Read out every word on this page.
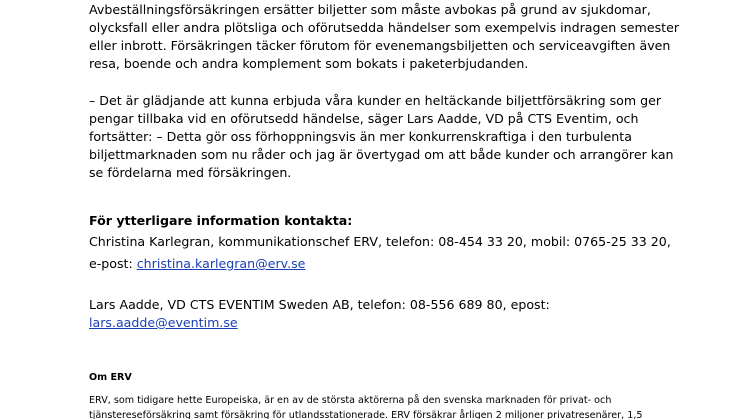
Avbeställningsförsäkringen ersätter biljetter som måste avbokas på grund av sjukdomar,
olycksfall eller andra plötsliga och oförutsedda händelser som exempelvis indragen semester
eller inbrott. Försäkringen täcker förutom för evenemangsbiljetten och serviceavgiften även
resa, boende och andra komplement som bokats i paketerbjudanden.
– Det är glädjande att kunna erbjuda våra kunder en heltäckande biljettförsäkring som ger
pengar tillbaka vid en oförutsedd händelse, säger Lars Aadde, VD på CTS Eventim, och
fortsätter: – Detta gör oss förhoppningsvis än mer konkurrenskraftiga i den turbulenta
biljettmarknaden som nu råder och jag är övertygad om att både kunder och arrangörer kan
se fördelarna med försäkringen.
För ytterligare information kontakta:
Christina Karlegran, kommunikationschef ERV, telefon: 08-454 33 20, mobil: 0765-25 33 20,
e-post: christina.karlegran@erv.se
Lars Aadde, VD CTS EVENTIM Sweden AB, telefon: 08-556 689 80, epost:
lars.aadde@eventim.se
Om ERV
ERV, som tidigare hette Europeiska, är en av de största aktörerna på den svenska marknaden för privat- och
tjänstereseförsäkring samt försäkring för utlandsstationerade. ERV försäkrar årligen 2 miljoner privatresenärer, 1,5
